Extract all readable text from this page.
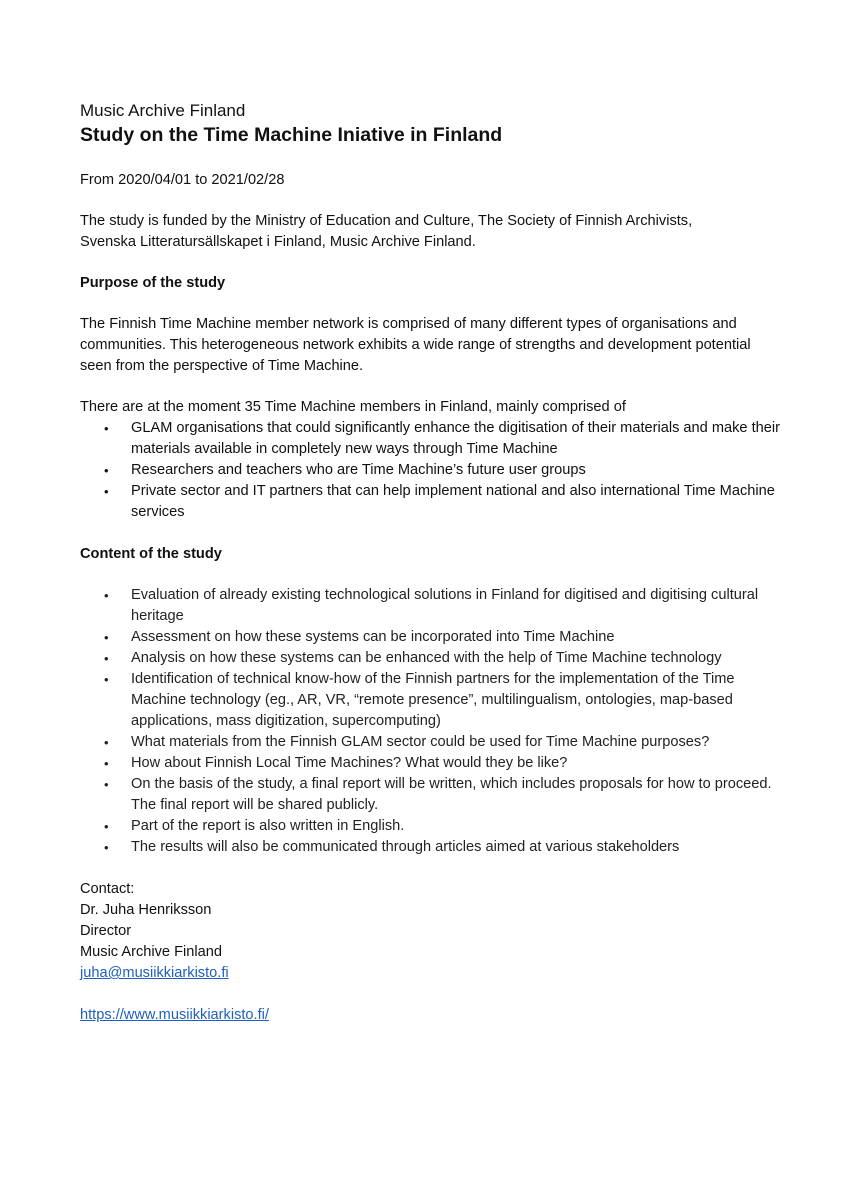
Music Archive Finland

Study on the Time Machine Iniative in Finland

From 2020/04/01 to 2021/02/28

The study is funded by the Ministry of Education and Culture, The Society of Finnish Archivists,

Svenska Litteratursällskapet i Finland, Music Archive Finland.

Purpose of the study

The Finnish Time Machine member network is comprised of many different types of organisations and communities. This heterogeneous network exhibits a wide range of strengths and development potential seen from the perspective of Time Machine.

There are at the moment 35 Time Machine members in Finland, mainly comprised of

• GLAM organisations that could significantly enhance the digitisation of their materials and make their materials available in completely new ways through Time Machine
• Researchers and teachers who are Time Machine’s future user groups
• Private sector and IT partners that can help implement national and also international Time Machine services

Content of the study

• Evaluation of already existing technological solutions in Finland for digitised and digitising cultural heritage
• Assessment on how these systems can be incorporated into Time Machine
• Analysis on how these systems can be enhanced with the help of Time Machine technology
• Identification of technical know-how of the Finnish partners for the implementation of the Time Machine technology (eg., AR, VR, “remote presence”, multilingualism, ontologies, map-based applications, mass digitization, supercomputing)
• What materials from the Finnish GLAM sector could be used for Time Machine purposes?
• How about Finnish Local Time Machines? What would they be like?
• On the basis of the study, a final report will be written, which includes proposals for how to proceed. The final report will be shared publicly.
• Part of the report is also written in English.
• The results will also be communicated through articles aimed at various stakeholders

Contact:

Dr. Juha Henriksson

Director

Music Archive Finland

juha@musiikkiarkisto.fi

https://www.musiikkiarkisto.fi/
